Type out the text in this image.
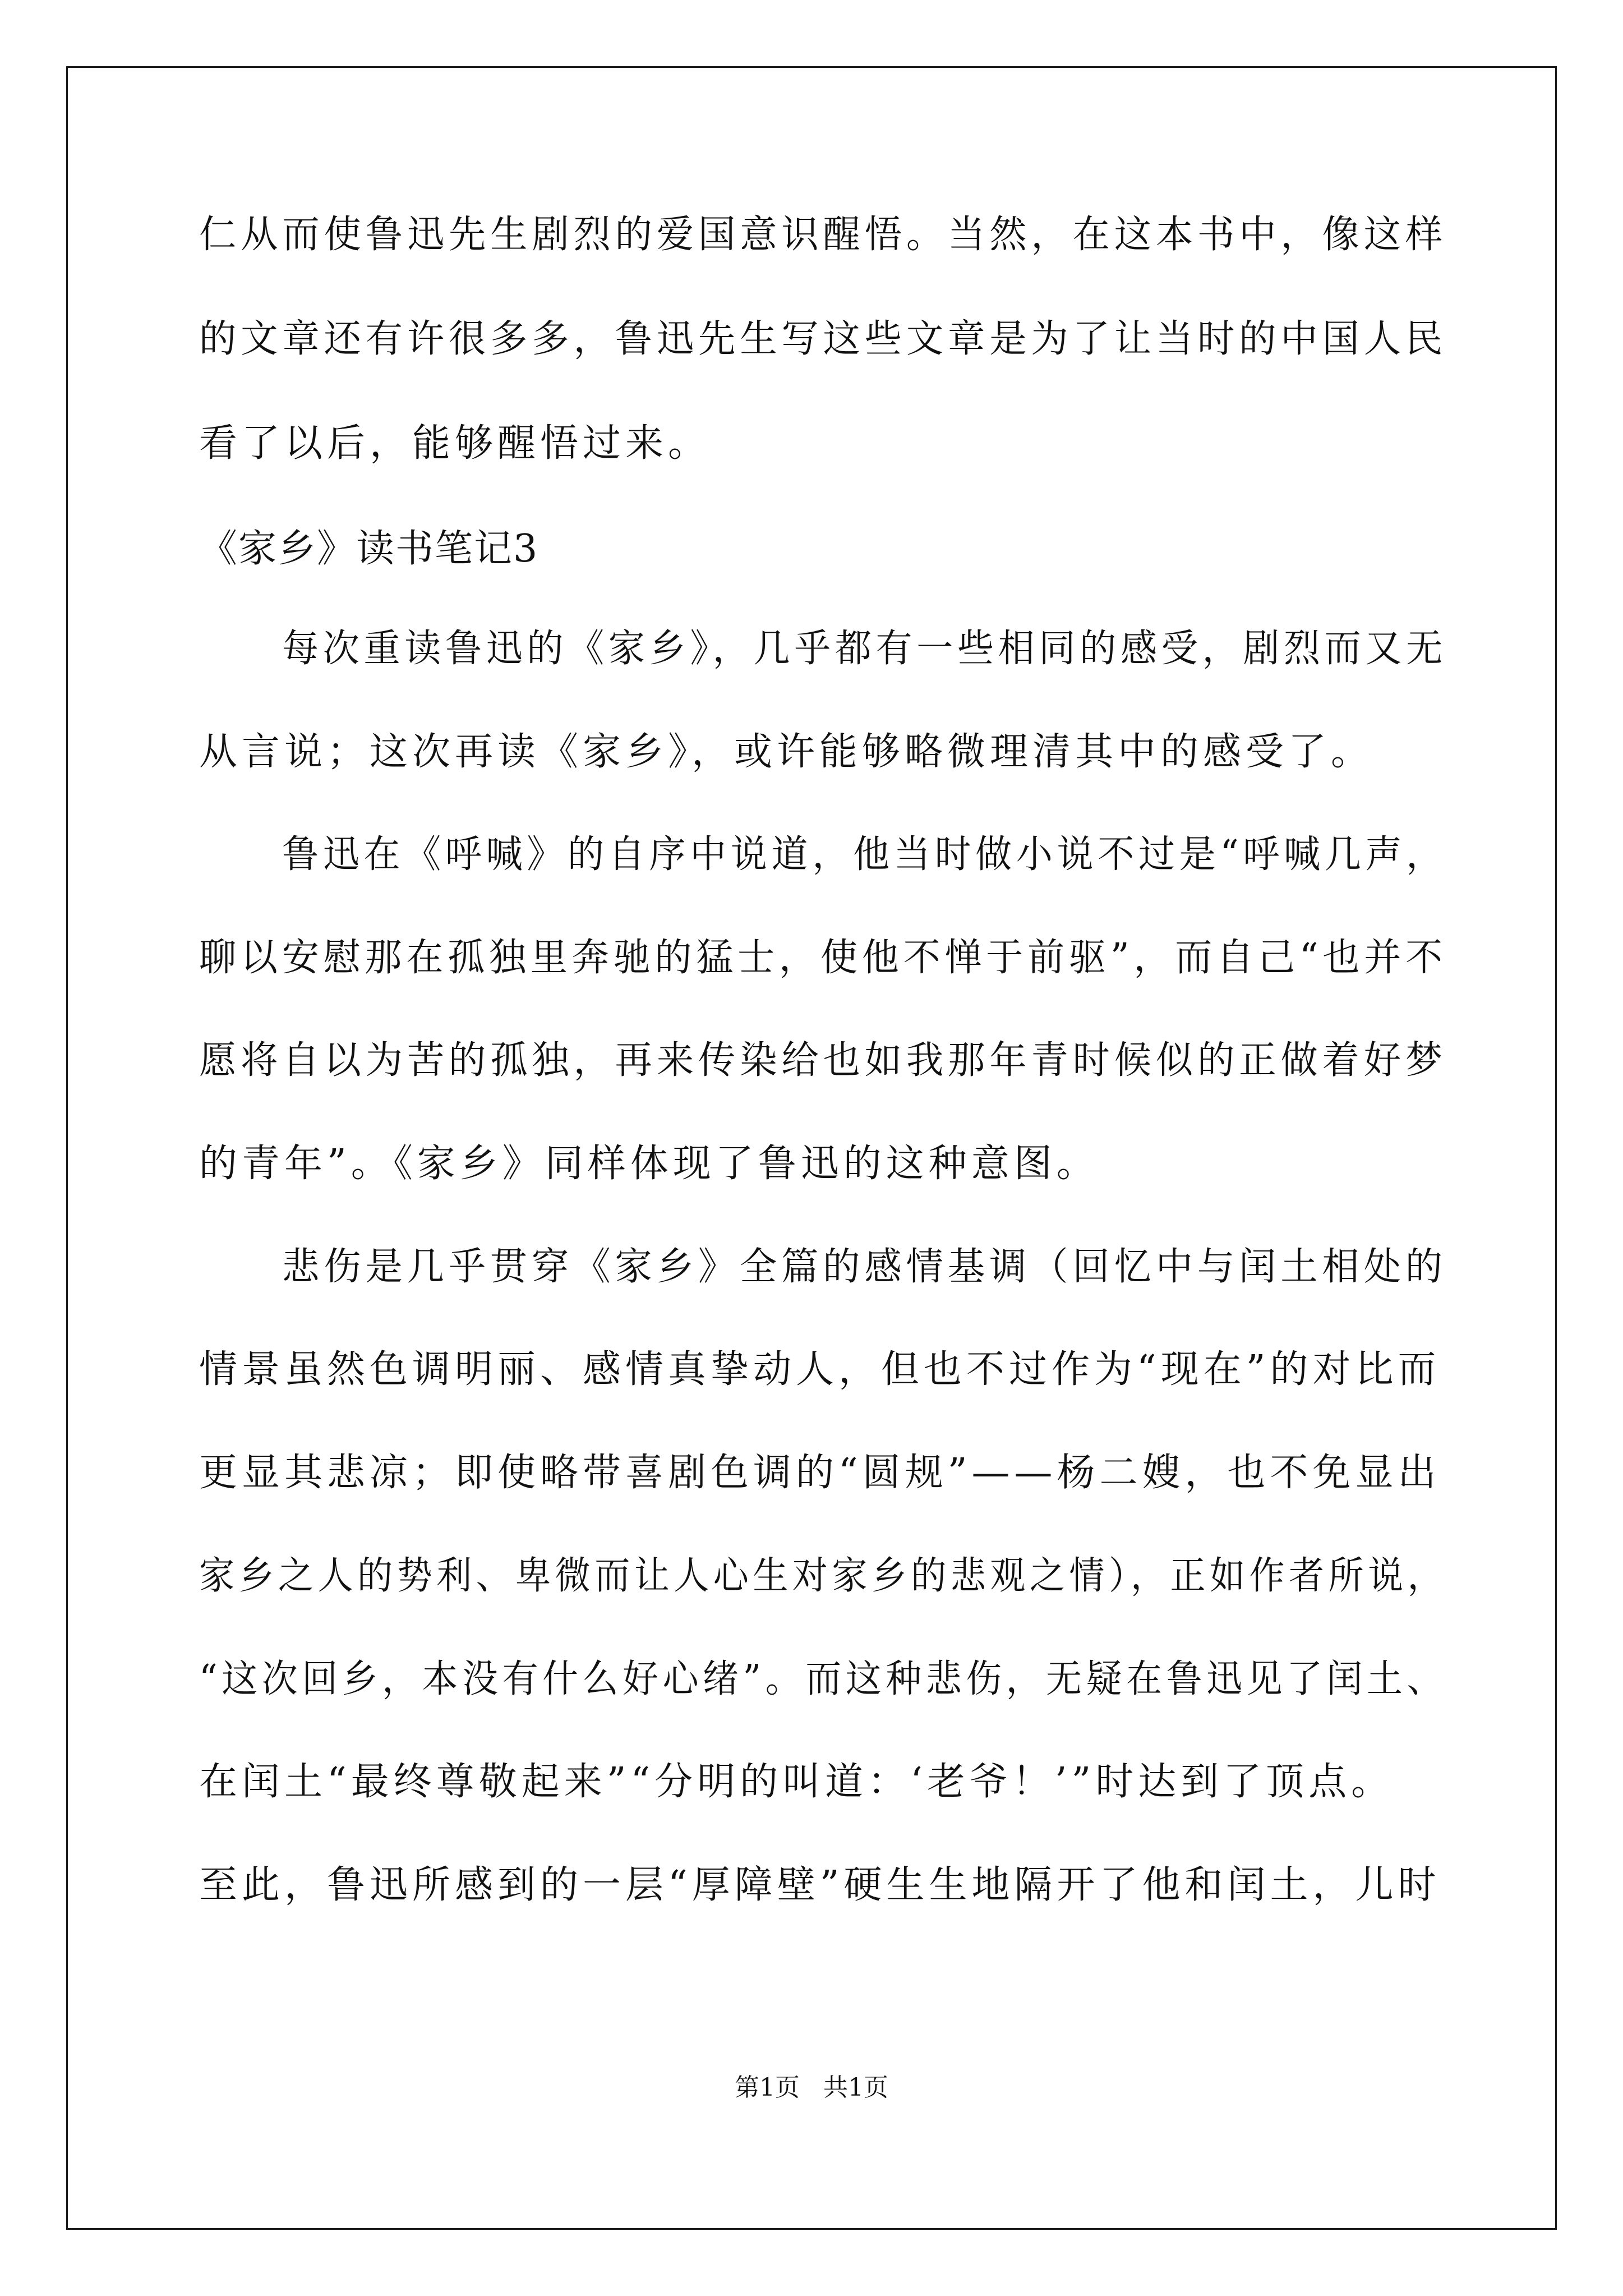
仁从而使鲁迅先生剧烈的爱国意识醒悟。当然，在这本书中，像这样
的文章还有许很多多，鲁迅先生写这些文章是为了让当时的中国人民
看了以后，能够醒悟过来。
《家乡》读书笔记3
每次重读鲁迅的《家乡》，几乎都有一些相同的感受，剧烈而又无
从言说；这次再读《家乡》，或许能够略微理清其中的感受了。
鲁迅在《呼喊》的自序中说道，他当时做小说不过是“呼喊几声，
聊以安慰那在孤独里奔驰的猛士，使他不惮于前驱”，而自己“也并不
愿将自以为苦的孤独，再来传染给也如我那年青时候似的正做着好梦
的青年”。《家乡》同样体现了鲁迅的这种意图。
悲伤是几乎贯穿《家乡》全篇的感情基调（回忆中与闰土相处的
情景虽然色调明丽、感情真挚动人，但也不过作为“现在”的对比而
更显其悲凉；即使略带喜剧色调的“圆规”——杨二嫂，也不免显出
家乡之人的势利、卑微而让人心生对家乡的悲观之情），正如作者所说，
“这次回乡，本没有什么好心绪”。而这种悲伤，无疑在鲁迅见了闰土、
在闰土“最终尊敬起来”“分明的叫道：‘老爷！’”时达到了顶点。
至此，鲁迅所感到的一层“厚障壁”硬生生地隔开了他和闰土，儿时
第1页   共1页
